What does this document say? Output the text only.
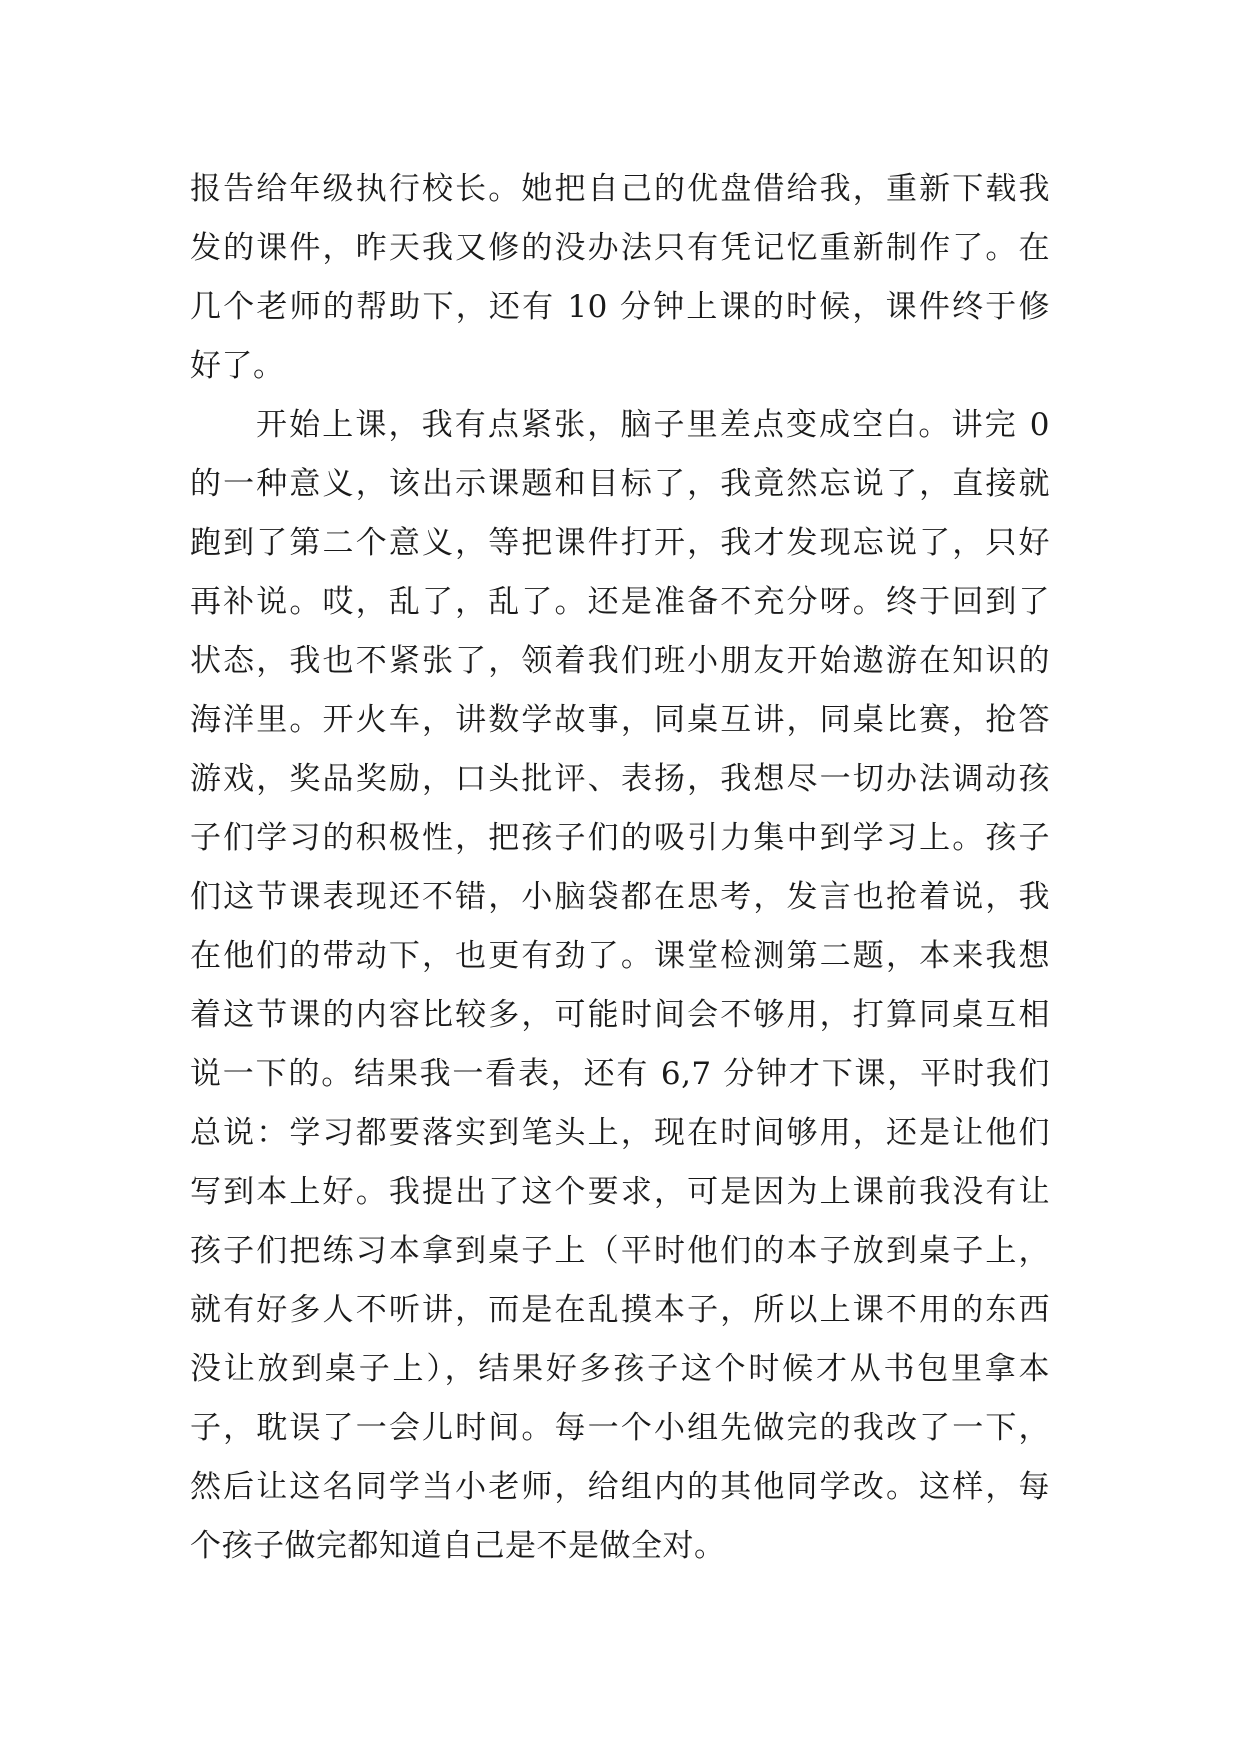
报告给年级执行校长。她把自己的优盘借给我，重新下载我
发的课件，昨天我又修的没办法只有凭记忆重新制作了。在
几个老师的帮助下，还有 10 分钟上课的时候，课件终于修
好了。
开始上课，我有点紧张，脑子里差点变成空白。讲完 0
的一种意义，该出示课题和目标了，我竟然忘说了，直接就
跑到了第二个意义，等把课件打开，我才发现忘说了，只好
再补说。哎，乱了，乱了。还是准备不充分呀。终于回到了
状态，我也不紧张了，领着我们班小朋友开始遨游在知识的
海洋里。开火车，讲数学故事，同桌互讲，同桌比赛，抢答
游戏，奖品奖励，口头批评、表扬，我想尽一切办法调动孩
子们学习的积极性，把孩子们的吸引力集中到学习上。孩子
们这节课表现还不错，小脑袋都在思考，发言也抢着说，我
在他们的带动下，也更有劲了。课堂检测第二题，本来我想
着这节课的内容比较多，可能时间会不够用，打算同桌互相
说一下的。结果我一看表，还有 6,7 分钟才下课，平时我们
总说：学习都要落实到笔头上，现在时间够用，还是让他们
写到本上好。我提出了这个要求，可是因为上课前我没有让
孩子们把练习本拿到桌子上（平时他们的本子放到桌子上，
就有好多人不听讲，而是在乱摸本子，所以上课不用的东西
没让放到桌子上），结果好多孩子这个时候才从书包里拿本
子，耽误了一会儿时间。每一个小组先做完的我改了一下，
然后让这名同学当小老师，给组内的其他同学改。这样，每
个孩子做完都知道自己是不是做全对。
